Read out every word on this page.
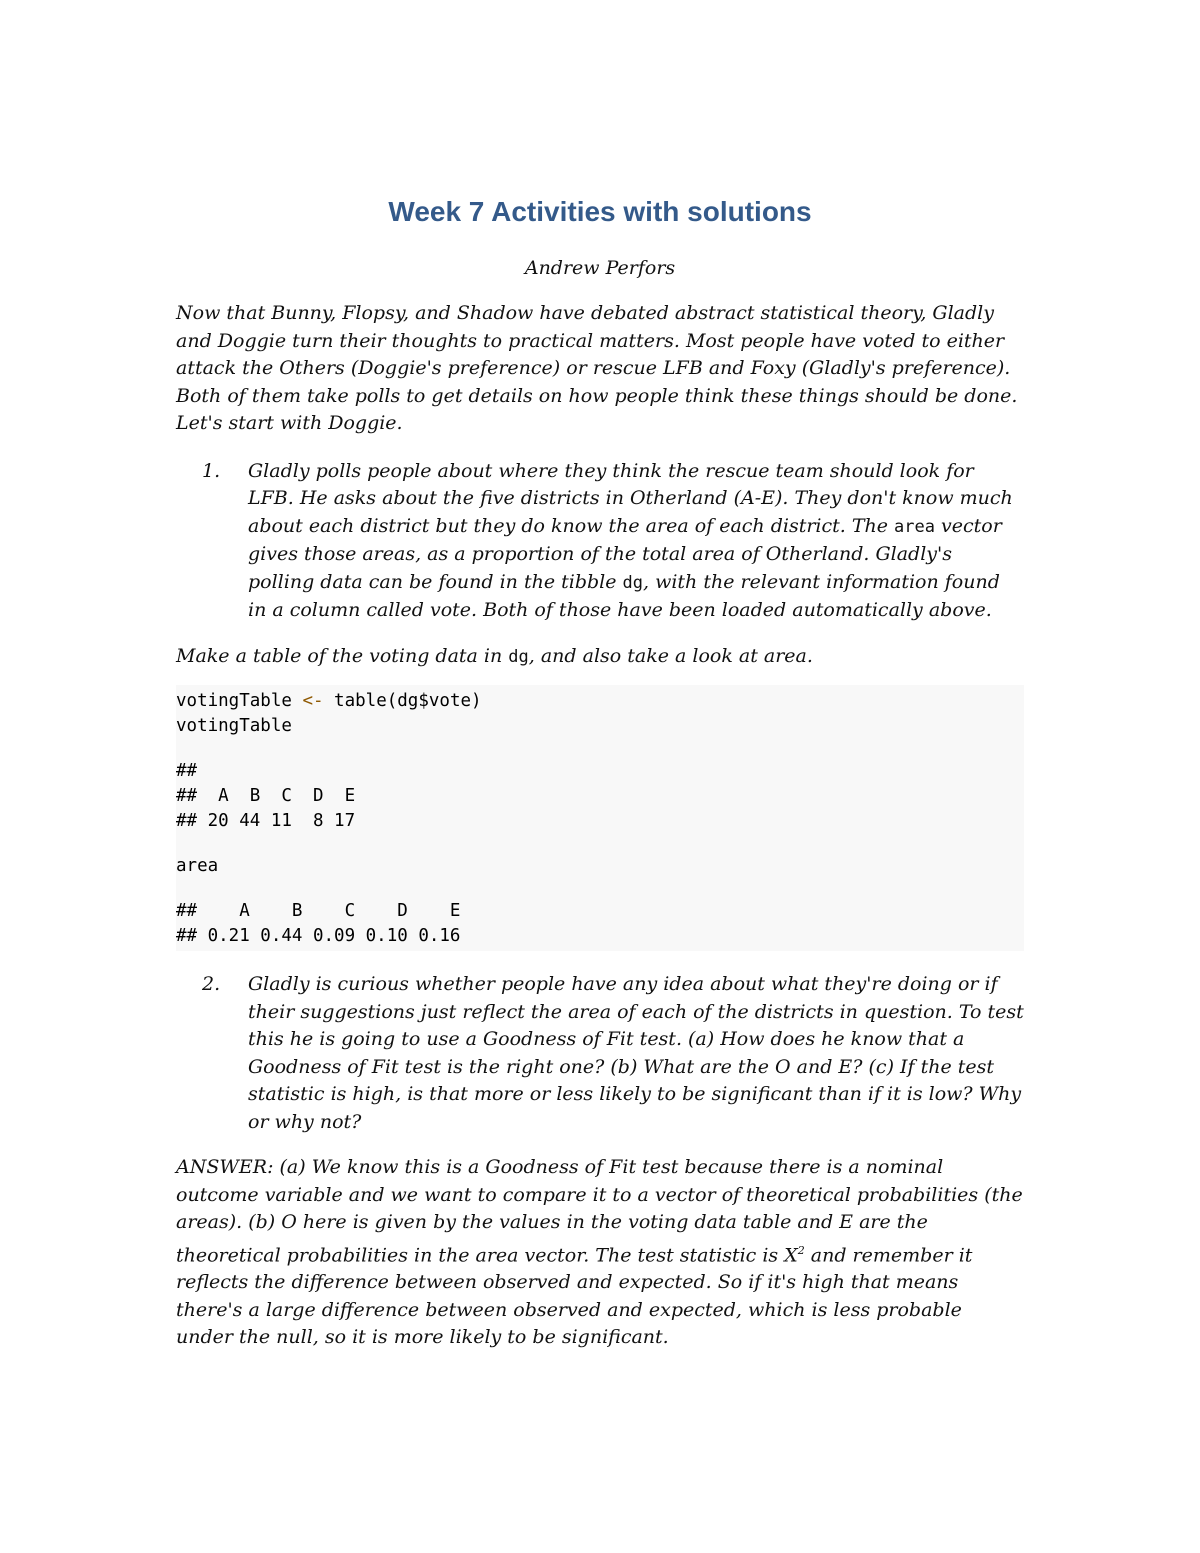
Week 7 Activities with solutions
Andrew Perfors
Now that Bunny, Flopsy, and Shadow have debated abstract statistical theory, Gladly and Doggie turn their thoughts to practical matters. Most people have voted to either attack the Others (Doggie's preference) or rescue LFB and Foxy (Gladly's preference). Both of them take polls to get details on how people think these things should be done. Let's start with Doggie.
1.	Gladly polls people about where they think the rescue team should look for LFB. He asks about the five districts in Otherland (A-E). They don't know much about each district but they do know the area of each district. The area vector gives those areas, as a proportion of the total area of Otherland. Gladly's polling data can be found in the tibble dg, with the relevant information found in a column called vote. Both of those have been loaded automatically above.
Make a table of the voting data in dg, and also take a look at area.
votingTable <- table(dg$vote)
votingTable
##
##  A  B  C  D  E
## 20 44 11  8 17
area
##    A    B    C    D    E
## 0.21 0.44 0.09 0.10 0.16
2.	Gladly is curious whether people have any idea about what they're doing or if their suggestions just reflect the area of each of the districts in question. To test this he is going to use a Goodness of Fit test. (a) How does he know that a Goodness of Fit test is the right one? (b) What are the O and E? (c) If the test statistic is high, is that more or less likely to be significant than if it is low? Why or why not?
ANSWER: (a) We know this is a Goodness of Fit test because there is a nominal outcome variable and we want to compare it to a vector of theoretical probabilities (the areas). (b) O here is given by the values in the voting data table and E are the theoretical probabilities in the area vector. The test statistic is $X^2$ and remember it reflects the difference between observed and expected. So if it's high that means there's a large difference between observed and expected, which is less probable under the null, so it is more likely to be significant.
